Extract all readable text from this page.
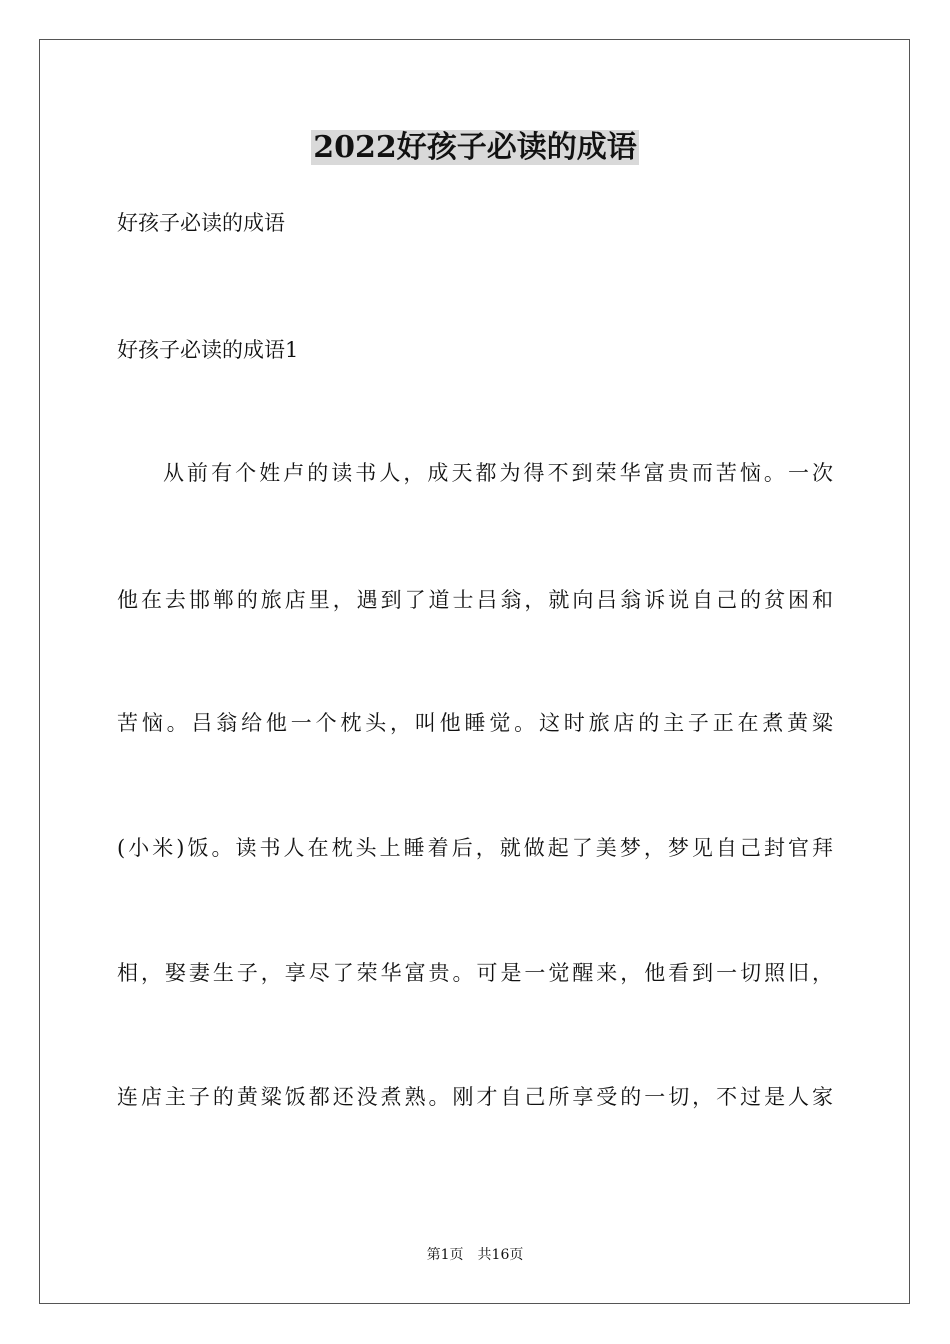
2022好孩子必读的成语

好孩子必读的成语

好孩子必读的成语1

从前有个姓卢的读书人，成天都为得不到荣华富贵而苦恼。一次

他在去邯郸的旅店里，遇到了道士吕翁，就向吕翁诉说自己的贫困和

苦恼。吕翁给他一个枕头，叫他睡觉。这时旅店的主子正在煮黄粱

(小米)饭。读书人在枕头上睡着后，就做起了美梦，梦见自己封官拜

相，娶妻生子，享尽了荣华富贵。可是一觉醒来，他看到一切照旧，

连店主子的黄粱饭都还没煮熟。刚才自己所享受的一切，不过是人家

第1页　共16页
